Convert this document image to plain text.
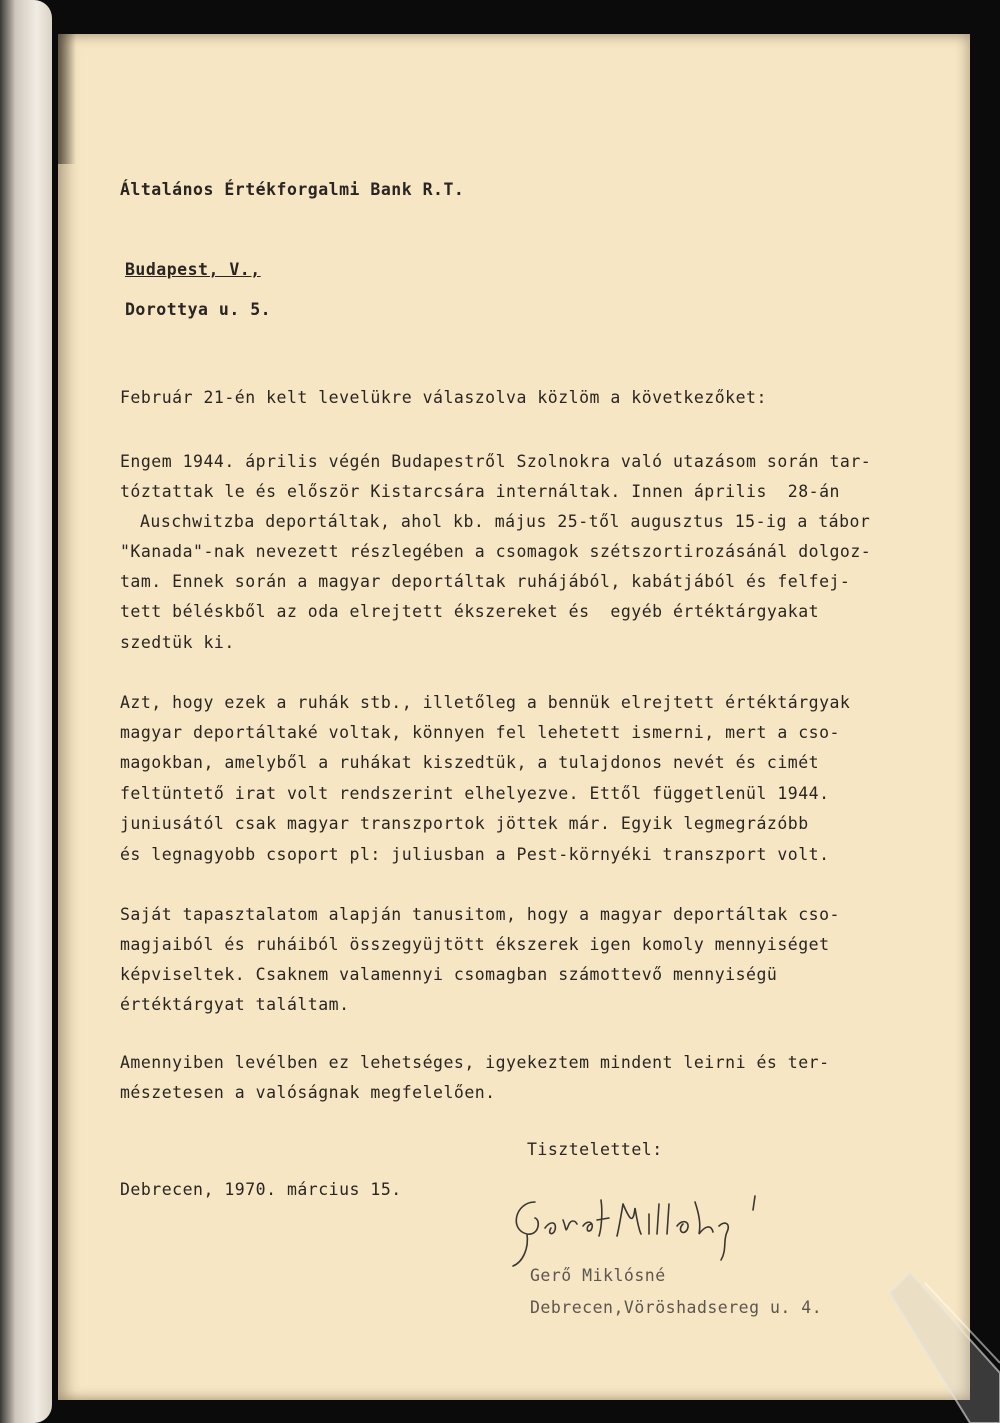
Általános Értékforgalmi Bank R.T.
Budapest, V.,
Dorottya u. 5.
Február 21-én kelt levelükre válaszolva közlöm a következőket:
Engem 1944. április végén Budapestről Szolnokra való utazásom során tar-
tóztattak le és először Kistarcsára internáltak. Innen április  28-án
Auschwitzba deportáltak, ahol kb. május 25-től augusztus 15-ig a tábor
"Kanada"-nak nevezett részlegében a csomagok szétszortirozásánál dolgoz-
tam. Ennek során a magyar deportáltak ruhájából, kabátjából és felfej-
tett béléskből az oda elrejtett ékszereket és  egyéb értéktárgyakat
szedtük ki.
Azt, hogy ezek a ruhák stb., illetőleg a bennük elrejtett értéktárgyak
magyar deportáltaké voltak, könnyen fel lehetett ismerni, mert a cso-
magokban, amelyből a ruhákat kiszedtük, a tulajdonos nevét és cimét
feltüntető irat volt rendszerint elhelyezve. Ettől függetlenül 1944.
juniusától csak magyar transzportok jöttek már. Egyik legmegrázóbb
és legnagyobb csoport pl: juliusban a Pest-környéki transzport volt.
Saját tapasztalatom alapján tanusitom, hogy a magyar deportáltak cso-
magjaiból és ruháiból összegyüjtött ékszerek igen komoly mennyiséget
képviseltek. Csaknem valamennyi csomagban számottevő mennyiségü
értéktárgyat találtam.
Amennyiben levélben ez lehetséges, igyekeztem mindent leirni és ter-
mészetesen a valóságnak megfelelően.
Tisztelettel:
Debrecen, 1970. március 15.
Gerő Miklósné
Debrecen,Vöröshadsereg u. 4.
